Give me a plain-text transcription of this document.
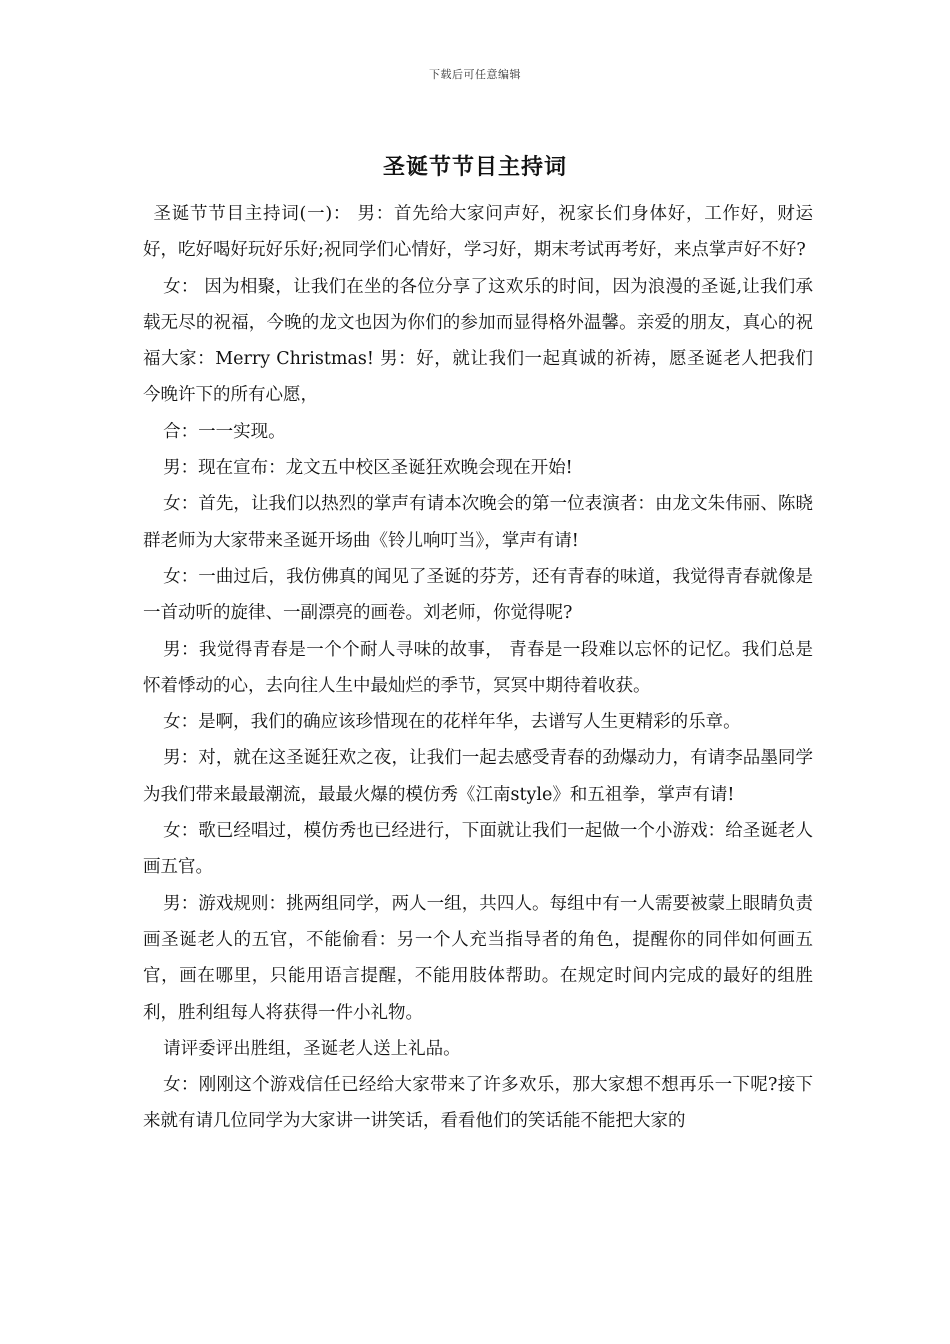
下载后可任意编辑
圣诞节节目主持词

圣诞节节目主持词(一)： 男：首先给大家问声好，祝家长们身体好，工作好，财运好，吃好喝好玩好乐好;祝同学们心情好，学习好，期末考试再考好，来点掌声好不好?

女： 因为相聚，让我们在坐的各位分享了这欢乐的时间，因为浪漫的圣诞,让我们承载无尽的祝福，今晚的龙文也因为你们的参加而显得格外温馨。亲爱的朋友，真心的祝福大家：Merry Christmas! 男：好，就让我们一起真诚的祈祷，愿圣诞老人把我们今晚许下的所有心愿，

合：一一实现。

男：现在宣布：龙文五中校区圣诞狂欢晚会现在开始!

女：首先，让我们以热烈的掌声有请本次晚会的第一位表演者：由龙文朱伟丽、陈晓群老师为大家带来圣诞开场曲《铃儿响叮当》，掌声有请!

女：一曲过后，我仿佛真的闻见了圣诞的芬芳，还有青春的味道，我觉得青春就像是一首动听的旋律、一副漂亮的画卷。刘老师，你觉得呢?

男：我觉得青春是一个个耐人寻味的故事， 青春是一段难以忘怀的记忆。我们总是怀着悸动的心，去向往人生中最灿烂的季节，冥冥中期待着收获。

女：是啊，我们的确应该珍惜现在的花样年华，去谱写人生更精彩的乐章。

男：对，就在这圣诞狂欢之夜，让我们一起去感受青春的劲爆动力，有请李品墨同学为我们带来最最潮流，最最火爆的模仿秀《江南style》和五祖拳，掌声有请!

女：歌已经唱过，模仿秀也已经进行，下面就让我们一起做一个小游戏：给圣诞老人画五官。

男：游戏规则：挑两组同学，两人一组，共四人。每组中有一人需要被蒙上眼睛负责画圣诞老人的五官，不能偷看：另一个人充当指导者的角色，提醒你的同伴如何画五官，画在哪里，只能用语言提醒，不能用肢体帮助。在规定时间内完成的最好的组胜利，胜利组每人将获得一件小礼物。

请评委评出胜组，圣诞老人送上礼品。

女：刚刚这个游戏信任已经给大家带来了许多欢乐，那大家想不想再乐一下呢?接下来就有请几位同学为大家讲一讲笑话，看看他们的笑话能不能把大家的
